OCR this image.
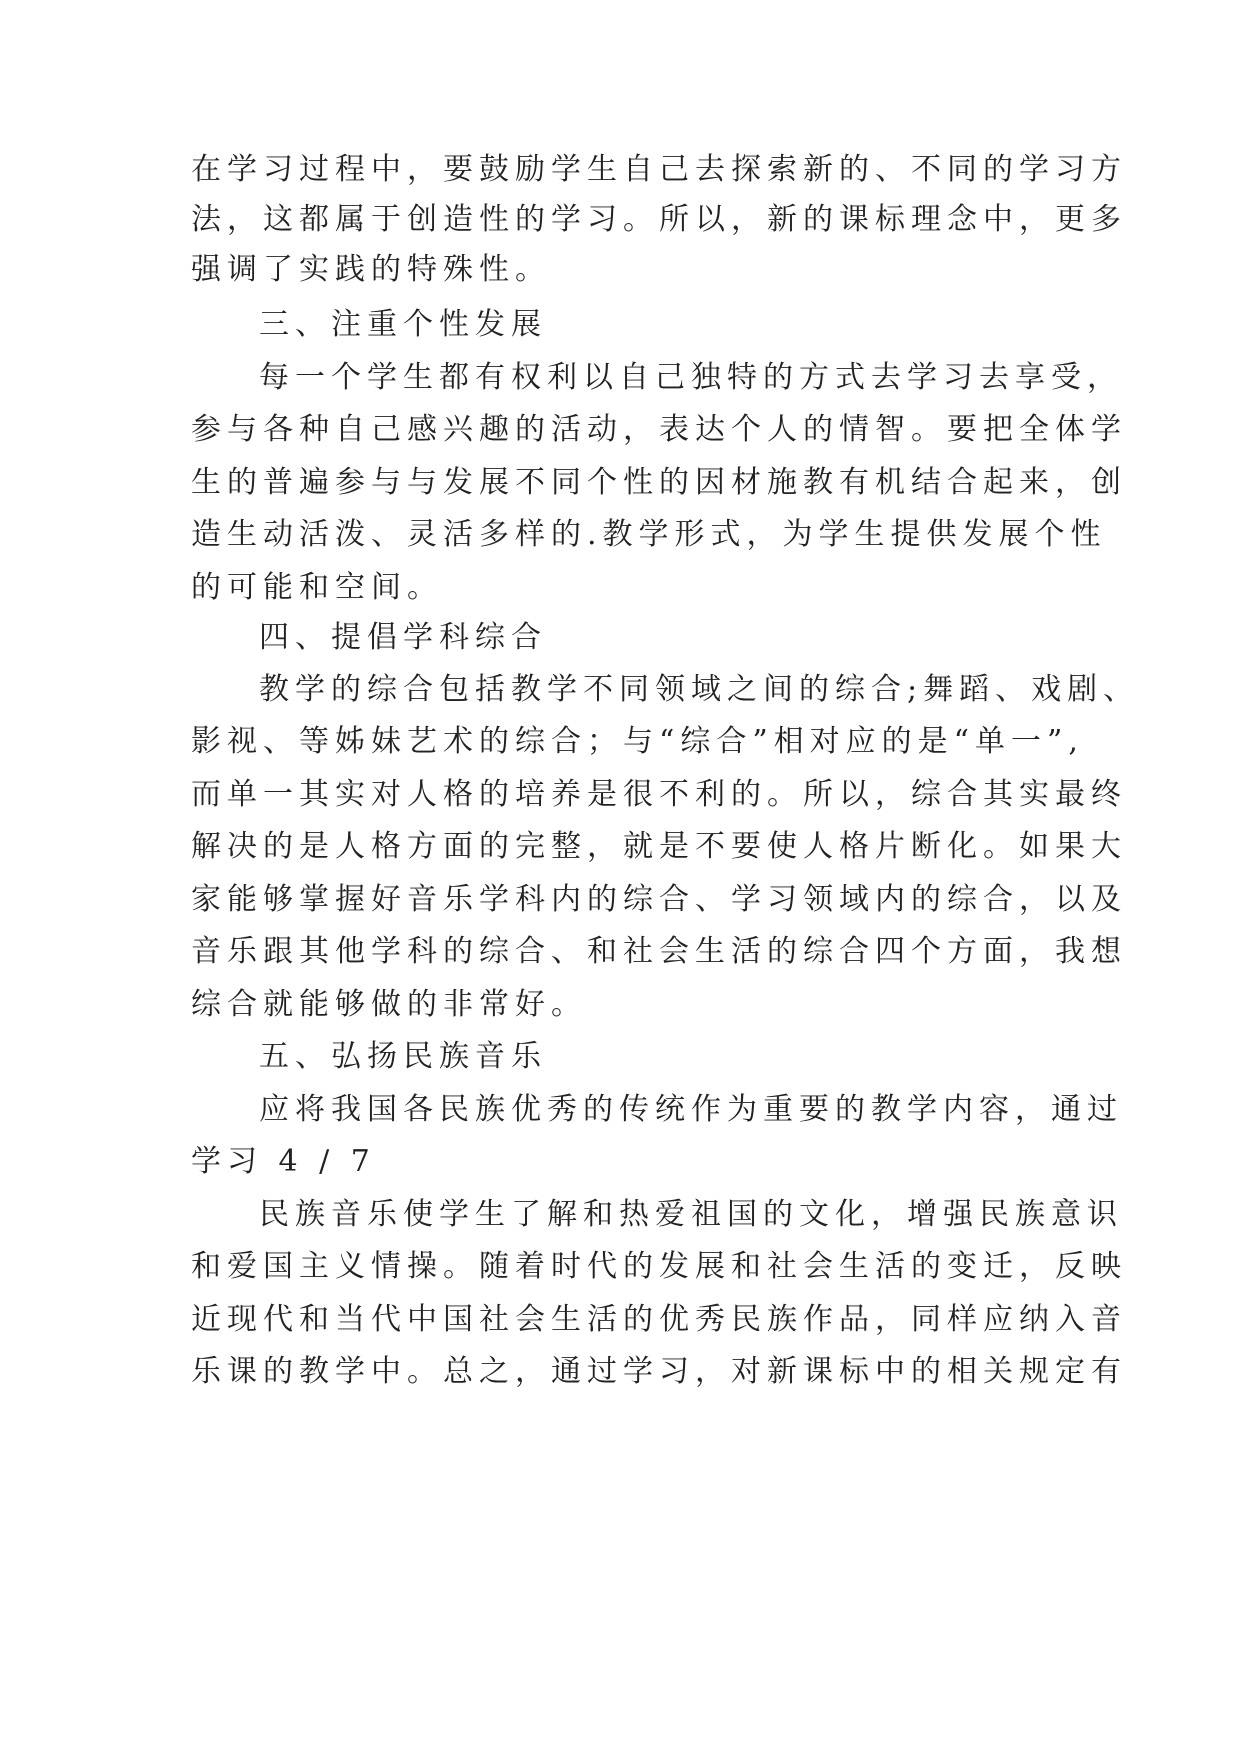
在学习过程中，要鼓励学生自己去探索新的、不同的学习方
法，这都属于创造性的学习。所以，新的课标理念中，更多
强调了实践的特殊性。
三、注重个性发展
每一个学生都有权利以自己独特的方式去学习去享受，
参与各种自己感兴趣的活动，表达个人的情智。要把全体学
生的普遍参与与发展不同个性的因材施教有机结合起来，创
造生动活泼、灵活多样的.教学形式，为学生提供发展个性
的可能和空间。
四、提倡学科综合
教学的综合包括教学不同领域之间的综合;舞蹈、戏剧、
影视、等姊妹艺术的综合；与“综合”相对应的是“单一”,
而单一其实对人格的培养是很不利的。所以，综合其实最终
解决的是人格方面的完整，就是不要使人格片断化。如果大
家能够掌握好音乐学科内的综合、学习领域内的综合，以及
音乐跟其他学科的综合、和社会生活的综合四个方面，我想
综合就能够做的非常好。
五、弘扬民族音乐
应将我国各民族优秀的传统作为重要的教学内容，通过
学习 4 / 7
民族音乐使学生了解和热爱祖国的文化，增强民族意识
和爱国主义情操。随着时代的发展和社会生活的变迁，反映
近现代和当代中国社会生活的优秀民族作品，同样应纳入音
乐课的教学中。总之，通过学习，对新课标中的相关规定有
